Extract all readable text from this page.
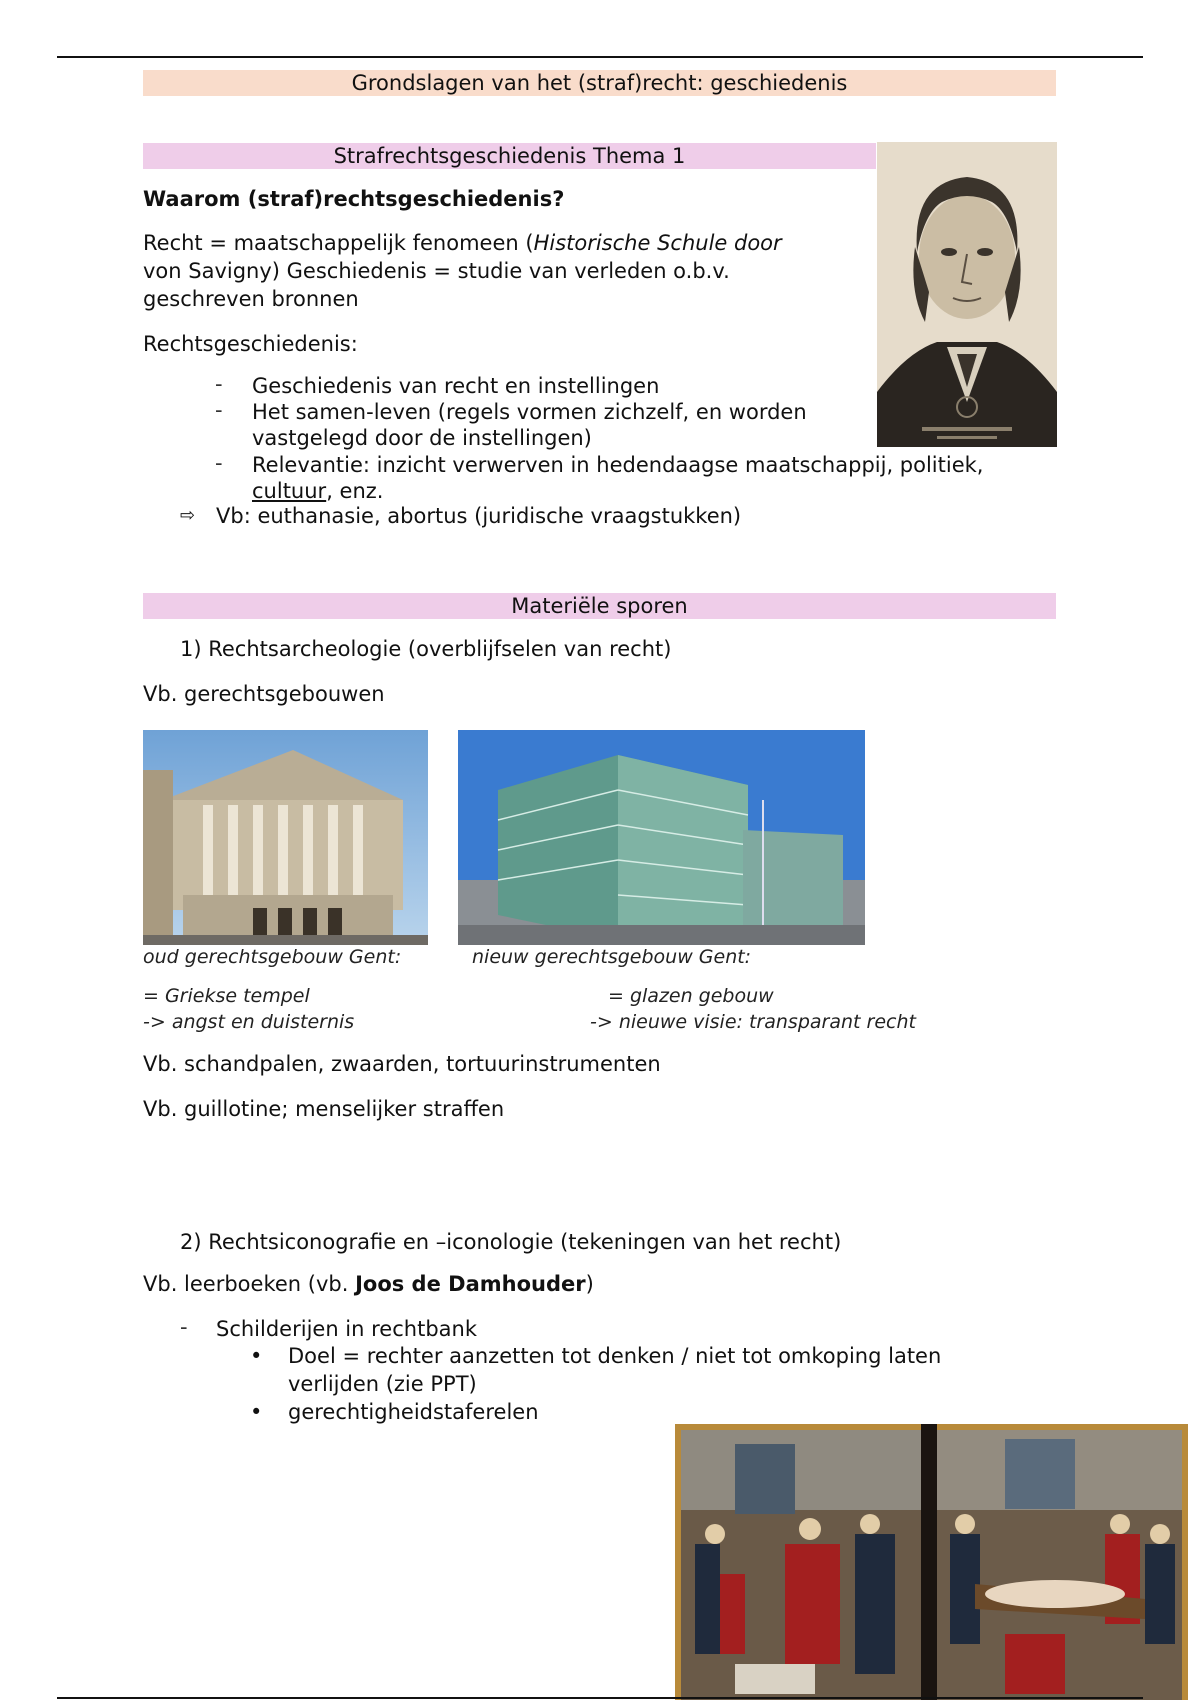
Grondslagen van het (straf)recht: geschiedenis
Strafrechtsgeschiedenis Thema 1
Waarom (straf)rechtsgeschiedenis?
Recht = maatschappelijk fenomeen (Historische Schule door
von Savigny) Geschiedenis = studie van verleden o.b.v.
geschreven bronnen
Rechtsgeschiedenis:
- Geschiedenis van recht en instellingen
- Het samen-leven (regels vormen zichzelf, en worden
vastgelegd door de instellingen)
- Relevantie: inzicht verwerven in hedendaagse maatschappij, politiek,
cultuur, enz.
⇨ Vb: euthanasie, abortus (juridische vraagstukken)
Materiële sporen
1) Rechtsarcheologie (overblijfselen van recht)
Vb. gerechtsgebouwen
oud gerechtsgebouw Gent:	nieuw gerechtsgebouw Gent:
= Griekse tempel
-> angst en duisternis
= glazen gebouw
-> nieuwe visie: transparant recht
Vb. schandpalen, zwaarden, tortuurinstrumenten
Vb. guillotine; menselijker straffen
2) Rechtsiconografie en –iconologie (tekeningen van het recht)
Vb. leerboeken (vb. Joos de Damhouder)
- Schilderijen in rechtbank
• Doel = rechter aanzetten tot denken / niet tot omkoping laten
verlijden (zie PPT)
• gerechtigheidstaferelen
